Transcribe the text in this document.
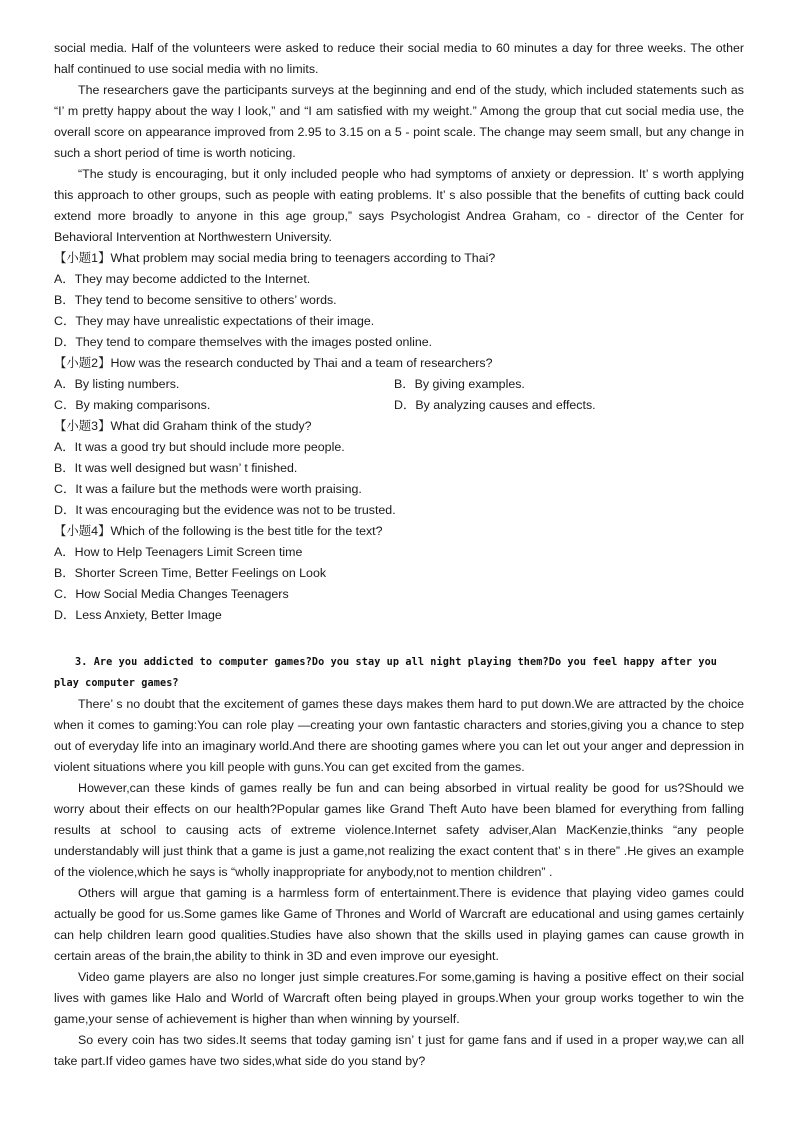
social media. Half of the volunteers were asked to reduce their social media to 60 minutes a day for three weeks. The other half continued to use social media with no limits.

The researchers gave the participants surveys at the beginning and end of the study, which included statements such as “I’ m pretty happy about the way I look,” and “I am satisfied with my weight.” Among the group that cut social media use, the overall score on appearance improved from 2.95 to 3.15 on a 5 - point scale. The change may seem small, but any change in such a short period of time is worth noticing.

“The study is encouraging, but it only included people who had symptoms of anxiety or depression. It’ s worth applying this approach to other groups, such as people with eating problems. It’ s also possible that the benefits of cutting back could extend more broadly to anyone in this age group,” says Psychologist Andrea Graham, co - director of the Center for Behavioral Intervention at Northwestern University.

【小题1】What problem may social media bring to teenagers according to Thai?

A．They may become addicted to the Internet.

B．They tend to become sensitive to others’ words.

C．They may have unrealistic expectations of their image.

D．They tend to compare themselves with the images posted online.

【小题2】How was the research conducted by Thai and a team of researchers?

A．By listing numbers.	B．By giving examples.

C．By making comparisons.	D．By analyzing causes and effects.

【小题3】What did Graham think of the study?

A．It was a good try but should include more people.

B．It was well designed but wasn’ t finished.

C．It was a failure but the methods were worth praising.

D．It was encouraging but the evidence was not to be trusted.

【小题4】Which of the following is the best title for the text?

A．How to Help Teenagers Limit Screen time

B．Shorter Screen Time, Better Feelings on Look

C．How Social Media Changes Teenagers

D．Less Anxiety, Better Image

3. Are you addicted to computer games?Do you stay up all night playing them?Do you feel happy after you play computer games?

There’ s no doubt that the excitement of games these days makes them hard to put down.We are attracted by the choice when it comes to gaming:You can role play —creating your own fantastic characters and stories,giving you a chance to step out of everyday life into an imaginary world.And there are shooting games where you can let out your anger and depression in violent situations where you kill people with guns.You can get excited from the games.

However,can these kinds of games really be fun and can being absorbed in virtual reality be good for us?Should we worry about their effects on our health?Popular games like Grand Theft Auto have been blamed for everything from falling results at school to causing acts of extreme violence.Internet safety adviser,Alan MacKenzie,thinks “any people understandably will just think that a game is just a game,not realizing the exact content that’ s in there” .He gives an example of the violence,which he says is “wholly inappropriate for anybody,not to mention children” .

Others will argue that gaming is a harmless form of entertainment.There is evidence that playing video games could actually be good for us.Some games like Game of Thrones and World of Warcraft are educational and using games certainly can help children learn good qualities.Studies have also shown that the skills used in playing games can cause growth in certain areas of the brain,the ability to think in 3D and even improve our eyesight.

Video game players are also no longer just simple creatures.For some,gaming is having a positive effect on their social lives with games like Halo and World of Warcraft often being played in groups.When your group works together to win the game,your sense of achievement is higher than when winning by yourself.

So every coin has two sides.It seems that today gaming isn’ t just for game fans and if used in a proper way,we can all take part.If video games have two sides,what side do you stand by?
